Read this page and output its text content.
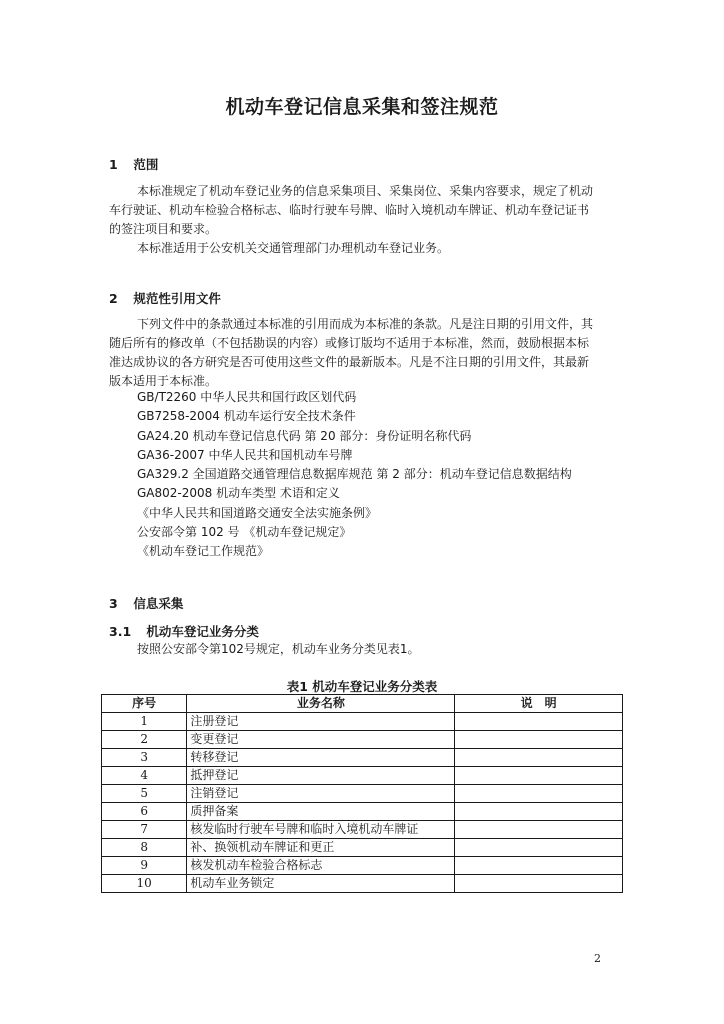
机动车登记信息采集和签注规范
1 范围
本标准规定了机动车登记业务的信息采集项目、采集岗位、采集内容要求，规定了机动
车行驶证、机动车检验合格标志、临时行驶车号牌、临时入境机动车牌证、机动车登记证书
的签注项目和要求。
本标准适用于公安机关交通管理部门办理机动车登记业务。
2 规范性引用文件
下列文件中的条款通过本标准的引用而成为本标准的条款。凡是注日期的引用文件，其
随后所有的修改单（不包括勘误的内容）或修订版均不适用于本标准，然而，鼓励根据本标
准达成协议的各方研究是否可使用这些文件的最新版本。凡是不注日期的引用文件，其最新
版本适用于本标准。
GB/T2260 中华人民共和国行政区划代码
GB7258-2004 机动车运行安全技术条件
GA24.20 机动车登记信息代码 第 20 部分：身份证明名称代码
GA36-2007 中华人民共和国机动车号牌
GA329.2 全国道路交通管理信息数据库规范 第 2 部分：机动车登记信息数据结构
GA802-2008 机动车类型 术语和定义
《中华人民共和国道路交通安全法实施条例》
公安部令第 102 号 《机动车登记规定》
《机动车登记工作规范》
3 信息采集
3.1 机动车登记业务分类
按照公安部令第102号规定，机动车业务分类见表1。
表1 机动车登记业务分类表
序号	业务名称	说　明
1	注册登记	
2	变更登记	
3	转移登记	
4	抵押登记	
5	注销登记	
6	质押备案	
7	核发临时行驶车号牌和临时入境机动车牌证	
8	补、换领机动车牌证和更正	
9	核发机动车检验合格标志	
10	机动车业务锁定	
2
